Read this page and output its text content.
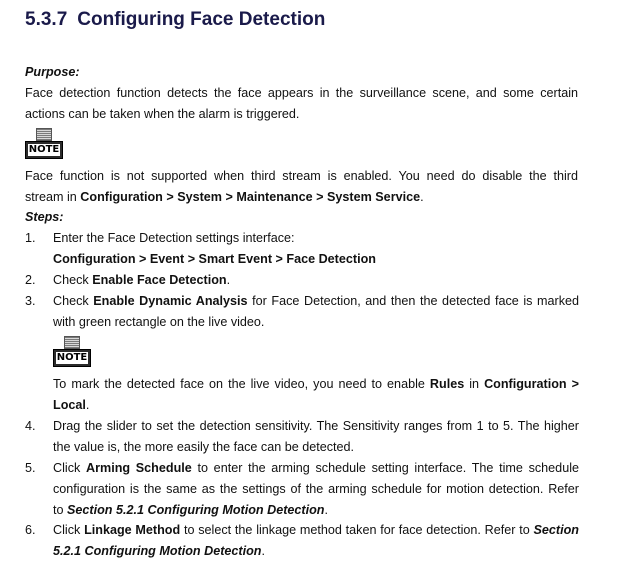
5.3.7 Configuring Face Detection
Purpose:
Face detection function detects the face appears in the surveillance scene, and some certain
actions can be taken when the alarm is triggered.
NOTE
Face function is not supported when third stream is enabled. You need do disable the third
stream in Configuration > System > Maintenance > System Service.
Steps:
1. Enter the Face Detection settings interface:
Configuration > Event > Smart Event > Face Detection
2. Check Enable Face Detection.
3. Check Enable Dynamic Analysis for Face Detection, and then the detected face is marked
with green rectangle on the live video.
NOTE
To mark the detected face on the live video, you need to enable Rules in Configuration >
Local.
4. Drag the slider to set the detection sensitivity. The Sensitivity ranges from 1 to 5. The higher
the value is, the more easily the face can be detected.
5. Click Arming Schedule to enter the arming schedule setting interface. The time schedule
configuration is the same as the settings of the arming schedule for motion detection. Refer
to Section 5.2.1 Configuring Motion Detection.
6. Click Linkage Method to select the linkage method taken for face detection. Refer to Section
5.2.1 Configuring Motion Detection.
